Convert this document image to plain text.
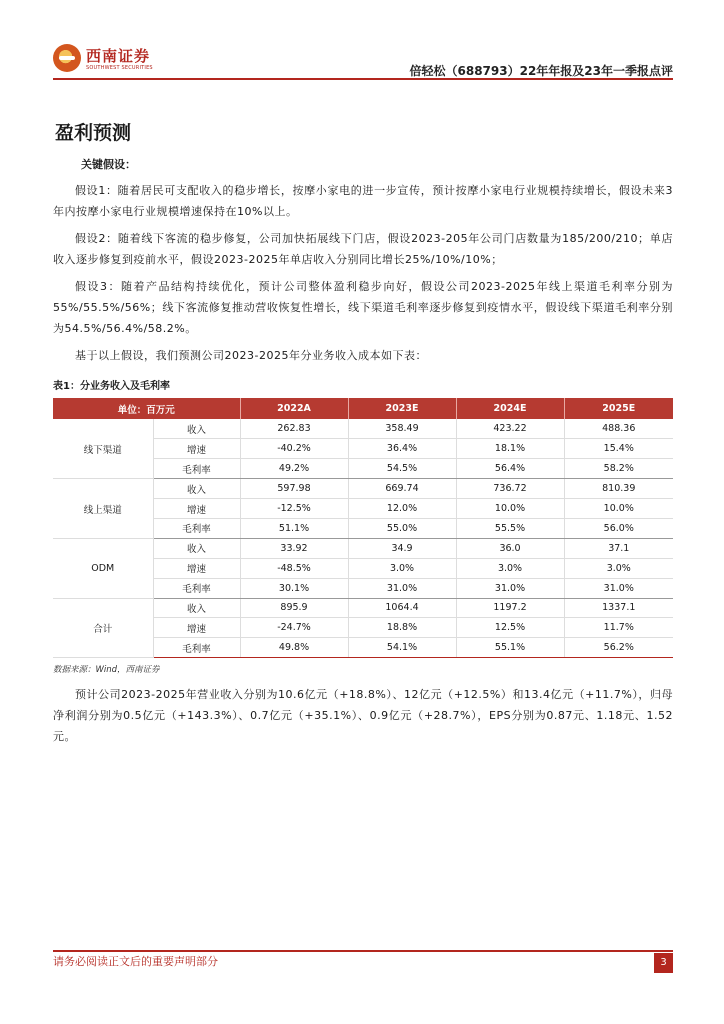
西南证券
SOUTHWEST SECURITIES	倍轻松（688793）22年年报及23年一季报点评
盈利预测
关键假设：

假设1：随着居民可支配收入的稳步增长，按摩小家电的进一步宣传，预计按摩小家电行业规模持续增长，假设未来3年内按摩小家电行业规模增速保持在10%以上。

假设2：随着线下客流的稳步修复，公司加快拓展线下门店，假设2023-205年公司门店数量为185/200/210；单店收入逐步修复到疫前水平，假设2023-2025年单店收入分别同比增长25%/10%/10%；

假设3：随着产品结构持续优化，预计公司整体盈利稳步向好，假设公司2023-2025年线上渠道毛利率分别为 55%/55.5%/56%；线下客流修复推动营收恢复性增长，线下渠道毛利率逐步修复到疫情水平，假设线下渠道毛利率分别为54.5%/56.4%/58.2%。

基于以上假设，我们预测公司2023-2025年分业务收入成本如下表：

表1：分业务收入及毛利率
单位：百万元		2022A	2023E	2024E	2025E
线下渠道	收入	262.83	358.49	423.22	488.36
	增速	-40.2%	36.4%	18.1%	15.4%
	毛利率	49.2%	54.5%	56.4%	58.2%
线上渠道	收入	597.98	669.74	736.72	810.39
	增速	-12.5%	12.0%	10.0%	10.0%
	毛利率	51.1%	55.0%	55.5%	56.0%
ODM	收入	33.92	34.9	36.0	37.1
	增速	-48.5%	3.0%	3.0%	3.0%
	毛利率	30.1%	31.0%	31.0%	31.0%
合计	收入	895.9	1064.4	1197.2	1337.1
	增速	-24.7%	18.8%	12.5%	11.7%
	毛利率	49.8%	54.1%	55.1%	56.2%
数据来源：Wind，西南证券

预计公司2023-2025年营业收入分别为10.6亿元（+18.8%）、12亿元（+12.5%）和13.4亿元（+11.7%），归母净利润分别为0.5亿元（+143.3%）、0.7亿元（+35.1%）、0.9亿元（+28.7%），EPS分别为0.87元、1.18元、1.52元。

请务必阅读正文后的重要声明部分	3
